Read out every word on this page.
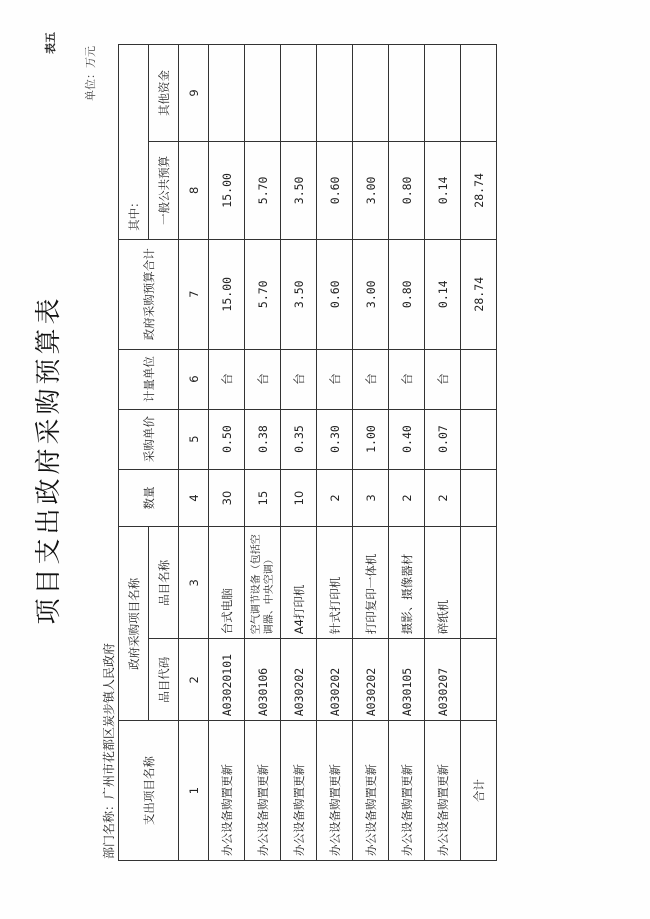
表五
项目支出政府采购预算表
部门名称：广州市花都区炭步镇人民政府
单位：万元
支出项目名称	政府采购项目名称		数量	采购单价	计量单位	政府采购预算合计	其中：	
	品目代码	品目名称					一般公共预算	其他资金
1	2	3	4	5	6	7	8	9
办公设备购置更新	A03020101	台式电脑	30	0.50	台	15.00	15.00	
办公设备购置更新	A030106	空气调节设备（包括空调器、中央空调）	15	0.38	台	5.70	5.70	
办公设备购置更新	A030202	A4打印机	10	0.35	台	3.50	3.50	
办公设备购置更新	A030202	针式打印机	2	0.30	台	0.60	0.60	
办公设备购置更新	A030202	打印复印一体机	3	1.00	台	3.00	3.00	
办公设备购置更新	A030105	摄影、摄像器材	2	0.40	台	0.80	0.80	
办公设备购置更新	A030207	碎纸机	2	0.07	台	0.14	0.14	
合计						28.74	28.74	
